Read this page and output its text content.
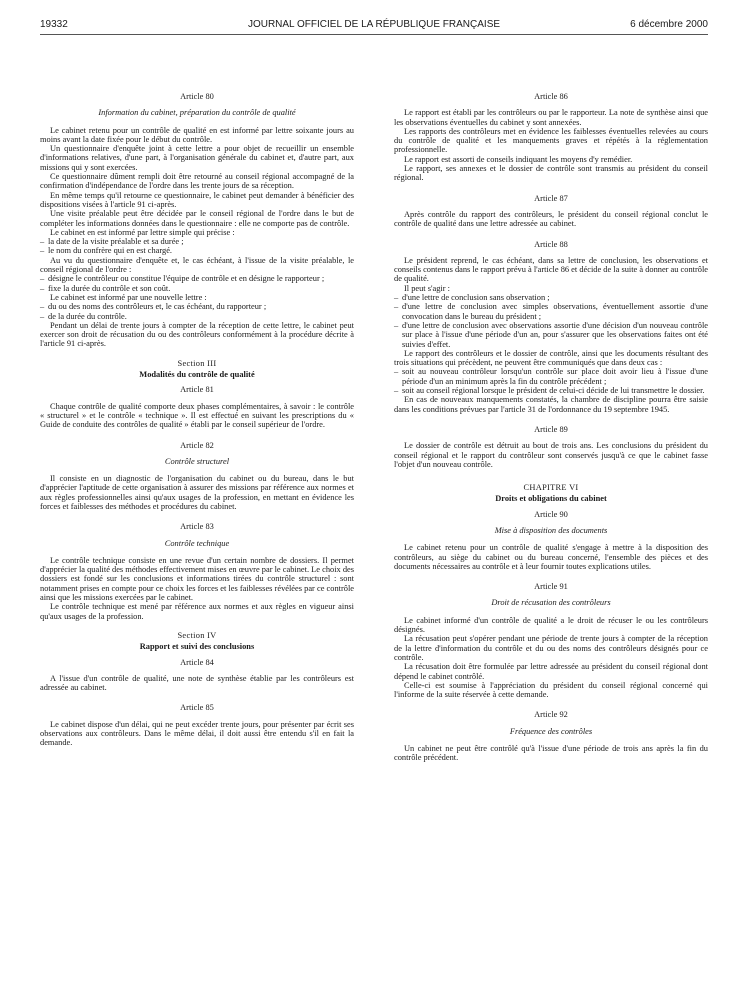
19332	JOURNAL OFFICIEL DE LA RÉPUBLIQUE FRANÇAISE	6 décembre 2000
Article 80
Information du cabinet, préparation du contrôle de qualité

Le cabinet retenu pour un contrôle de qualité en est informé par lettre soixante jours au moins avant la date fixée pour le début du contrôle.

Un questionnaire d'enquête joint à cette lettre a pour objet de recueillir un ensemble d'informations relatives, d'une part, à l'organisation générale du cabinet et, d'autre part, aux missions qui y sont exercées.

Ce questionnaire dûment rempli doit être retourné au conseil régional accompagné de la confirmation d'indépendance de l'ordre dans les trente jours de sa réception.

En même temps qu'il retourne ce questionnaire, le cabinet peut demander à bénéficier des dispositions visées à l'article 91 ci-après.

Une visite préalable peut être décidée par le conseil régional de l'ordre dans le but de compléter les informations données dans le questionnaire : elle ne comporte pas de contrôle.

Le cabinet en est informé par lettre simple qui précise :

– la date de la visite préalable et sa durée ;

– le nom du confrère qui en est chargé.

Au vu du questionnaire d'enquête et, le cas échéant, à l'issue de la visite préalable, le conseil régional de l'ordre :

– désigne le contrôleur ou constitue l'équipe de contrôle et en désigne le rapporteur ;

– fixe la durée du contrôle et son coût.

Le cabinet est informé par une nouvelle lettre :

– du ou des noms des contrôleurs et, le cas échéant, du rapporteur ;

– de la durée du contrôle.

Pendant un délai de trente jours à compter de la réception de cette lettre, le cabinet peut exercer son droit de récusation du ou des contrôleurs conformément à la procédure décrite à l'article 91 ci-après.

Section III
Modalités du contrôle de qualité
Article 81

Chaque contrôle de qualité comporte deux phases complémentaires, à savoir : le contrôle « structurel » et le contrôle « technique ». Il est effectué en suivant les prescriptions du « Guide de conduite des contrôles de qualité » établi par le conseil supérieur de l'ordre.

Article 82
Contrôle structurel

Il consiste en un diagnostic de l'organisation du cabinet ou du bureau, dans le but d'apprécier l'aptitude de cette organisation à assurer des missions par référence aux normes et aux règles professionnelles ainsi qu'aux usages de la profession, en mettant en évidence les forces et faiblesses des méthodes et procédures du cabinet.

Article 83
Contrôle technique

Le contrôle technique consiste en une revue d'un certain nombre de dossiers. Il permet d'apprécier la qualité des méthodes effectivement mises en œuvre par le cabinet. Le choix des dossiers est fondé sur les conclusions et informations tirées du contrôle structurel : sont notamment prises en compte pour ce choix les forces et les faiblesses révélées par ce contrôle ainsi que les missions exercées par le cabinet.

Le contrôle technique est mené par référence aux normes et aux règles en vigueur ainsi qu'aux usages de la profession.

Section IV
Rapport et suivi des conclusions
Article 84

A l'issue d'un contrôle de qualité, une note de synthèse établie par les contrôleurs est adressée au cabinet.

Article 85

Le cabinet dispose d'un délai, qui ne peut excéder trente jours, pour présenter par écrit ses observations aux contrôleurs. Dans le même délai, il doit aussi être entendu s'il en fait la demande.

Article 86

Le rapport est établi par les contrôleurs ou par le rapporteur. La note de synthèse ainsi que les observations éventuelles du cabinet y sont annexées.

Les rapports des contrôleurs met en évidence les faiblesses éventuelles relevées au cours du contrôle de qualité et les manquements graves et répétés à la réglementation professionnelle.

Le rapport est assorti de conseils indiquant les moyens d'y remédier.

Le rapport, ses annexes et le dossier de contrôle sont transmis au président du conseil régional.

Article 87

Après contrôle du rapport des contrôleurs, le président du conseil régional conclut le contrôle de qualité dans une lettre adressée au cabinet.

Article 88

Le président reprend, le cas échéant, dans sa lettre de conclusion, les observations et conseils contenus dans le rapport prévu à l'article 86 et décide de la suite à donner au contrôle de qualité.

Il peut s'agir :

– d'une lettre de conclusion sans observation ;

– d'une lettre de conclusion avec simples observations, éventuellement assortie d'une convocation dans le bureau du président ;

– d'une lettre de conclusion avec observations assortie d'une décision d'un nouveau contrôle sur place à l'issue d'une période d'un an, pour s'assurer que les observations faites ont été suivies d'effet.

Le rapport des contrôleurs et le dossier de contrôle, ainsi que les documents résultant des trois situations qui précèdent, ne peuvent être communiqués que dans deux cas :

– soit au nouveau contrôleur lorsqu'un contrôle sur place doit avoir lieu à l'issue d'une période d'un an minimum après la fin du contrôle précédent ;

– soit au conseil régional lorsque le président de celui-ci décide de lui transmettre le dossier.

En cas de nouveaux manquements constatés, la chambre de discipline pourra être saisie dans les conditions prévues par l'article 31 de l'ordonnance du 19 septembre 1945.

Article 89

Le dossier de contrôle est détruit au bout de trois ans. Les conclusions du président du conseil régional et le rapport du contrôleur sont conservés jusqu'à ce que le cabinet fasse l'objet d'un nouveau contrôle.

CHAPITRE VI
Droits et obligations du cabinet
Article 90
Mise à disposition des documents

Le cabinet retenu pour un contrôle de qualité s'engage à mettre à la disposition des contrôleurs, au siège du cabinet ou du bureau concerné, l'ensemble des pièces et des documents nécessaires au contrôle et à leur fournir toutes explications utiles.

Article 91
Droit de récusation des contrôleurs

Le cabinet informé d'un contrôle de qualité a le droit de récuser le ou les contrôleurs désignés.

La récusation peut s'opérer pendant une période de trente jours à compter de la réception de la lettre d'information du contrôle et du ou des noms des contrôleurs désignés pour ce contrôle.

La récusation doit être formulée par lettre adressée au président du conseil régional dont dépend le cabinet contrôlé.

Celle-ci est soumise à l'appréciation du président du conseil régional concerné qui l'informe de la suite réservée à cette demande.

Article 92
Fréquence des contrôles

Un cabinet ne peut être contrôlé qu'à l'issue d'une période de trois ans après la fin du contrôle précédent.
